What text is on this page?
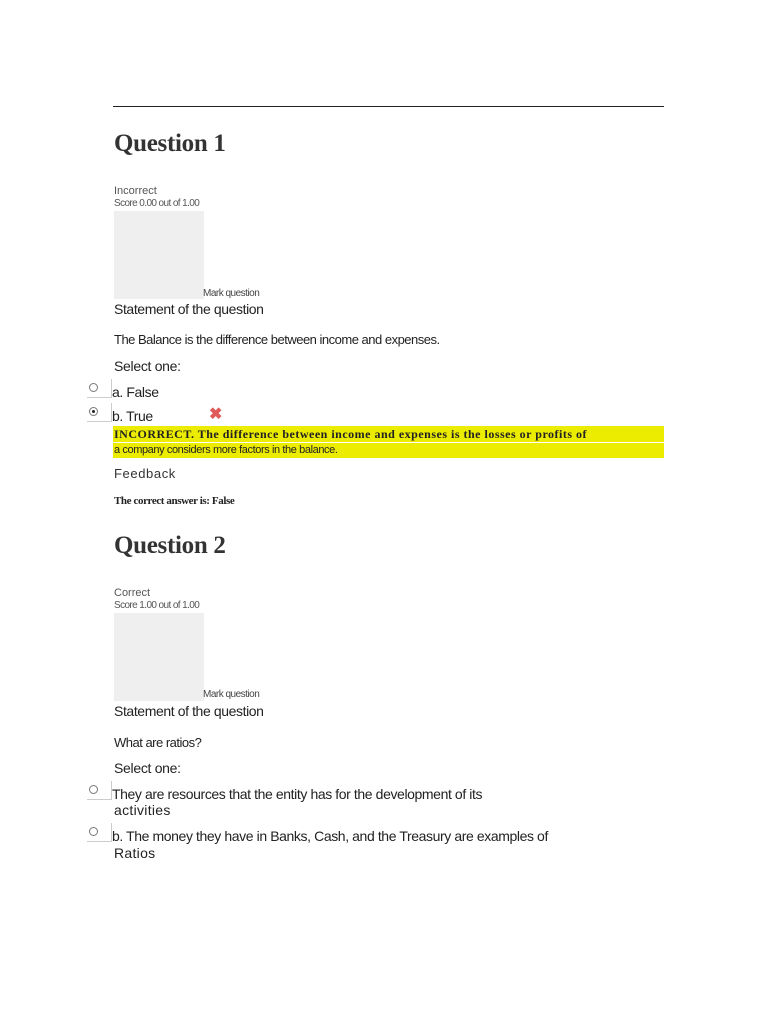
Question 1
Incorrect
Score 0.00 out of 1.00
Mark question
Statement of the question
The Balance is the difference between income and expenses.
Select one:
a. False
b. True	✖
INCORRECT. The difference between income and expenses is the losses or profits of
a company considers more factors in the balance.
Feedback
The correct answer is: False
Question 2
Correct
Score 1.00 out of 1.00
Mark question
Statement of the question
What are ratios?
Select one:
They are resources that the entity has for the development of its
activities
b. The money they have in Banks, Cash, and the Treasury are examples of
Ratios
